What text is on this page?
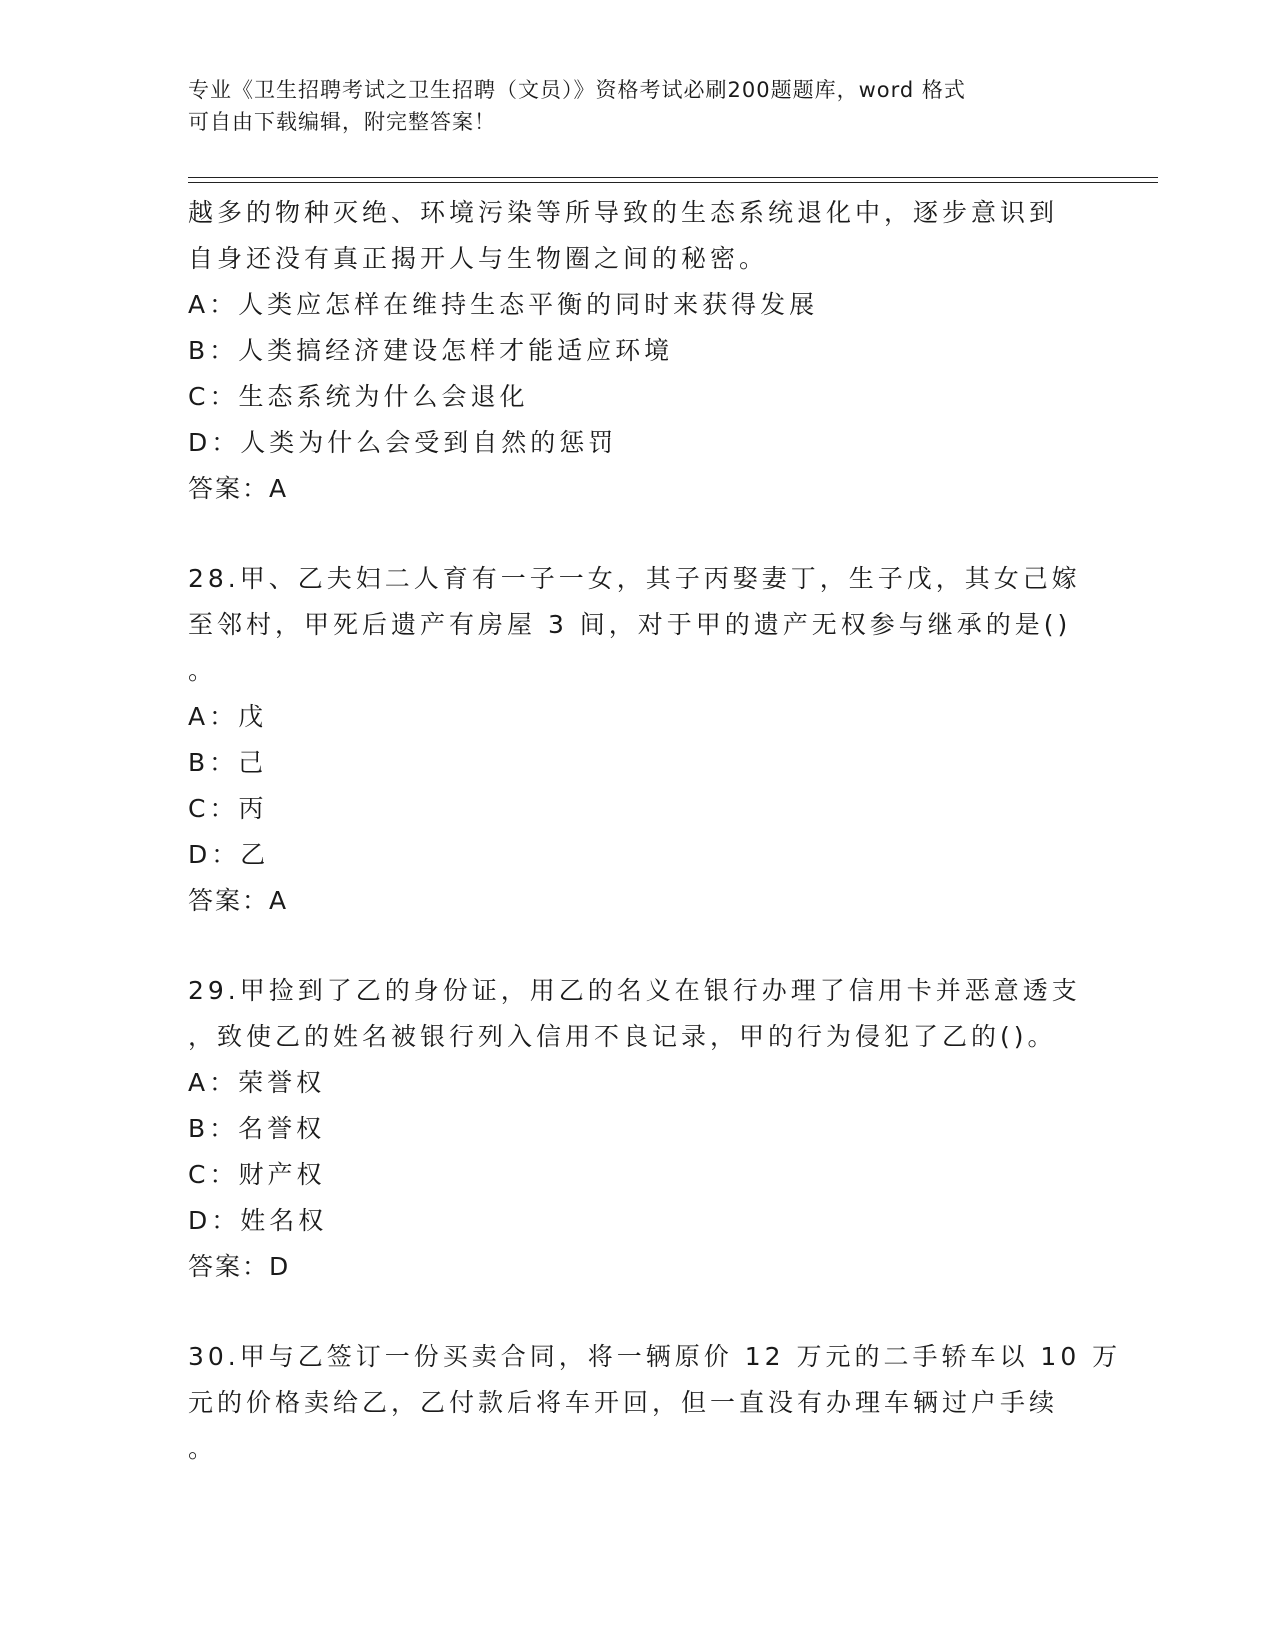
专业《卫生招聘考试之卫生招聘（文员）》资格考试必刷200题题库，word 格式
可自由下载编辑，附完整答案！
越多的物种灭绝、环境污染等所导致的生态系统退化中，逐步意识到
自身还没有真正揭开人与生物圈之间的秘密。
A：人类应怎样在维持生态平衡的同时来获得发展
B：人类搞经济建设怎样才能适应环境
C：生态系统为什么会退化
D：人类为什么会受到自然的惩罚
答案：A
28.甲、乙夫妇二人育有一子一女，其子丙娶妻丁，生子戊，其女己嫁
至邻村，甲死后遗产有房屋 3 间，对于甲的遗产无权参与继承的是()
。
A：戊
B：己
C：丙
D：乙
答案：A
29.甲捡到了乙的身份证，用乙的名义在银行办理了信用卡并恶意透支
，致使乙的姓名被银行列入信用不良记录，甲的行为侵犯了乙的()。
A：荣誉权
B：名誉权
C：财产权
D：姓名权
答案：D
30.甲与乙签订一份买卖合同，将一辆原价 12 万元的二手轿车以 10 万
元的价格卖给乙，乙付款后将车开回，但一直没有办理车辆过户手续
。
